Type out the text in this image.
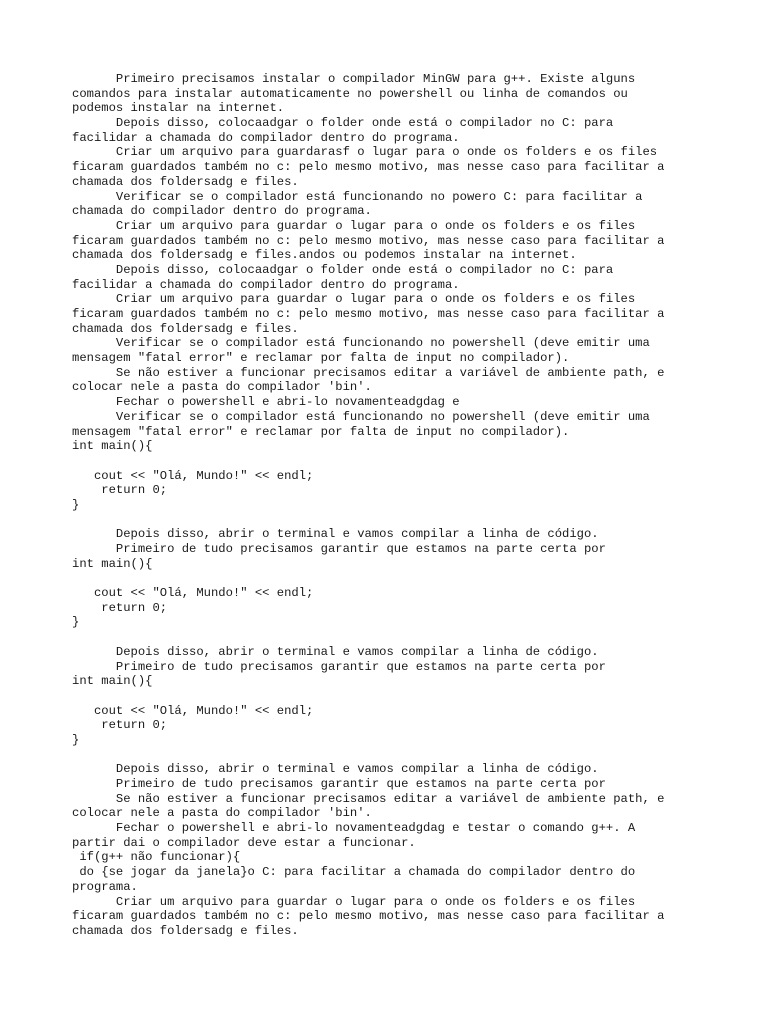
Primeiro precisamos instalar o compilador MinGW para g++. Existe alguns
comandos para instalar automaticamente no powershell ou linha de comandos ou
podemos instalar na internet.
Depois disso, colocaadgar o folder onde está o compilador no C: para
facilidar a chamada do compilador dentro do programa.
Criar um arquivo para guardarasf o lugar para o onde os folders e os files
ficaram guardados também no c: pelo mesmo motivo, mas nesse caso para facilitar a
chamada dos foldersadg e files.
Verificar se o compilador está funcionando no powero C: para facilitar a
chamada do compilador dentro do programa.
Criar um arquivo para guardar o lugar para o onde os folders e os files
ficaram guardados também no c: pelo mesmo motivo, mas nesse caso para facilitar a
chamada dos foldersadg e files.andos ou podemos instalar na internet.
Depois disso, colocaadgar o folder onde está o compilador no C: para
facilidar a chamada do compilador dentro do programa.
Criar um arquivo para guardar o lugar para o onde os folders e os files
ficaram guardados também no c: pelo mesmo motivo, mas nesse caso para facilitar a
chamada dos foldersadg e files.
Verificar se o compilador está funcionando no powershell (deve emitir uma
mensagem "fatal error" e reclamar por falta de input no compilador).
Se não estiver a funcionar precisamos editar a variável de ambiente path, e
colocar nele a pasta do compilador 'bin'.
Fechar o powershell e abri-lo novamenteadgdag e
Verificar se o compilador está funcionando no powershell (deve emitir uma
mensagem "fatal error" e reclamar por falta de input no compilador).
int main(){
cout << "Olá, Mundo!" << endl;
return 0;
}
Depois disso, abrir o terminal e vamos compilar a linha de código.
Primeiro de tudo precisamos garantir que estamos na parte certa por
int main(){
cout << "Olá, Mundo!" << endl;
return 0;
}
Depois disso, abrir o terminal e vamos compilar a linha de código.
Primeiro de tudo precisamos garantir que estamos na parte certa por
int main(){
cout << "Olá, Mundo!" << endl;
return 0;
}
Depois disso, abrir o terminal e vamos compilar a linha de código.
Primeiro de tudo precisamos garantir que estamos na parte certa por
Se não estiver a funcionar precisamos editar a variável de ambiente path, e
colocar nele a pasta do compilador 'bin'.
Fechar o powershell e abri-lo novamenteadgdag e testar o comando g++. A
partir dai o compilador deve estar a funcionar.
if(g++ não funcionar){
do {se jogar da janela}o C: para facilitar a chamada do compilador dentro do
programa.
Criar um arquivo para guardar o lugar para o onde os folders e os files
ficaram guardados também no c: pelo mesmo motivo, mas nesse caso para facilitar a
chamada dos foldersadg e files.
